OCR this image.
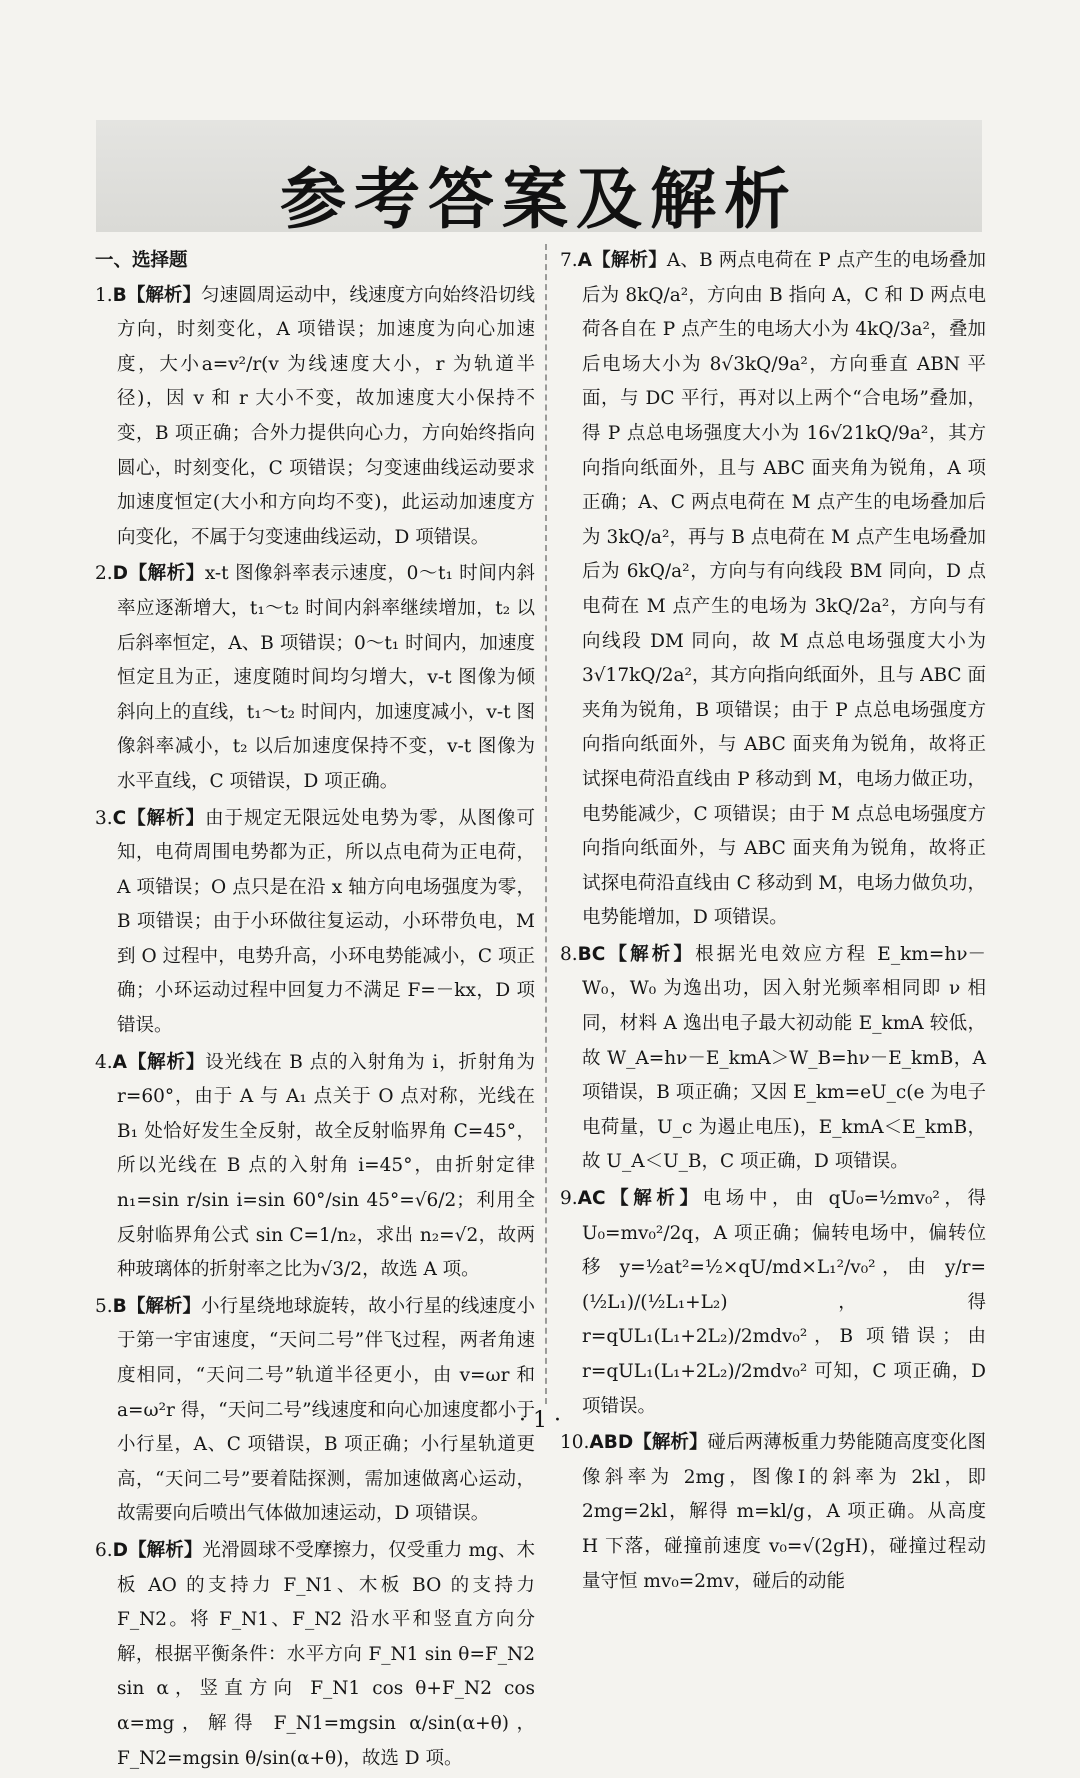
参考答案及解析
一、选择题
1.B【解析】匀速圆周运动中，线速度方向始终沿切线方向，时刻变化，A 项错误；加速度为向心加速度，大小a=v²/r(v 为线速度大小，r 为轨道半径)，因 v 和 r 大小不变，故加速度大小保持不变，B 项正确；合外力提供向心力，方向始终指向圆心，时刻变化，C 项错误；匀变速曲线运动要求加速度恒定(大小和方向均不变)，此运动加速度方向变化，不属于匀变速曲线运动，D 项错误。
2.D【解析】x-t 图像斜率表示速度，0～t₁ 时间内斜率应逐渐增大，t₁～t₂ 时间内斜率继续增加，t₂ 以后斜率恒定，A、B 项错误；0～t₁ 时间内，加速度恒定且为正，速度随时间均匀增大，v-t 图像为倾斜向上的直线，t₁～t₂ 时间内，加速度减小，v-t 图像斜率减小，t₂ 以后加速度保持不变，v-t 图像为水平直线，C 项错误，D 项正确。
3.C【解析】由于规定无限远处电势为零，从图像可知，电荷周围电势都为正，所以点电荷为正电荷，A 项错误；O 点只是在沿 x 轴方向电场强度为零，B 项错误；由于小环做往复运动，小环带负电，M 到 O 过程中，电势升高，小环电势能减小，C 项正确；小环运动过程中回复力不满足 F=－kx，D 项错误。
4.A【解析】设光线在 B 点的入射角为 i，折射角为 r=60°，由于 A 与 A₁ 点关于 O 点对称，光线在 B₁ 处恰好发生全反射，故全反射临界角 C=45°，所以光线在 B 点的入射角 i=45°，由折射定律 n₁=sin r/sin i=sin 60°/sin 45°=√6/2；利用全反射临界角公式 sin C=1/n₂，求出 n₂=√2，故两种玻璃体的折射率之比为√3/2，故选 A 项。
5.B【解析】小行星绕地球旋转，故小行星的线速度小于第一宇宙速度，“天问二号”伴飞过程，两者角速度相同，“天问二号”轨道半径更小，由 v=ωr 和 a=ω²r 得，“天问二号”线速度和向心加速度都小于小行星，A、C 项错误，B 项正确；小行星轨道更高，“天问二号”要着陆探测，需加速做离心运动，故需要向后喷出气体做加速运动，D 项错误。
6.D【解析】光滑圆球不受摩擦力，仅受重力 mg、木板 AO 的支持力 F_N1、木板 BO 的支持力 F_N2。将 F_N1、F_N2 沿水平和竖直方向分解，根据平衡条件：水平方向 F_N1 sin θ=F_N2 sin α，竖直方向 F_N1 cos θ+F_N2 cos α=mg，解得 F_N1=mgsin α/sin(α+θ)，F_N2=mgsin θ/sin(α+θ)，故选 D 项。
7.A【解析】A、B 两点电荷在 P 点产生的电场叠加后为 8kQ/a²，方向由 B 指向 A，C 和 D 两点电荷各自在 P 点产生的电场大小为 4kQ/3a²，叠加后电场大小为 8√3kQ/9a²，方向垂直 ABN 平面，与 DC 平行，再对以上两个“合电场”叠加，得 P 点总电场强度大小为 16√21kQ/9a²，其方向指向纸面外，且与 ABC 面夹角为锐角，A 项正确；A、C 两点电荷在 M 点产生的电场叠加后为 3kQ/a²，再与 B 点电荷在 M 点产生电场叠加后为 6kQ/a²，方向与有向线段 BM 同向，D 点电荷在 M 点产生的电场为 3kQ/2a²，方向与有向线段 DM 同向，故 M 点总电场强度大小为 3√17kQ/2a²，其方向指向纸面外，且与 ABC 面夹角为锐角，B 项错误；由于 P 点总电场强度方向指向纸面外，与 ABC 面夹角为锐角，故将正试探电荷沿直线由 P 移动到 M，电场力做正功，电势能减少，C 项错误；由于 M 点总电场强度方向指向纸面外，与 ABC 面夹角为锐角，故将正试探电荷沿直线由 C 移动到 M，电场力做负功，电势能增加，D 项错误。
8.BC【解析】根据光电效应方程 E_km=hν－W₀，W₀ 为逸出功，因入射光频率相同即 ν 相同，材料 A 逸出电子最大初动能 E_kmA 较低，故 W_A=hν－E_kmA＞W_B=hν－E_kmB，A 项错误，B 项正确；又因 E_km=eU_c(e 为电子电荷量，U_c 为遏止电压)，E_kmA＜E_kmB，故 U_A＜U_B，C 项正确，D 项错误。
9.AC【解析】电场中，由 qU₀=½mv₀²，得 U₀=mv₀²/2q，A 项正确；偏转电场中，偏转位移 y=½at²=½×qU/md×L₁²/v₀²，由 y/r=(½L₁)/(½L₁+L₂)，得 r=qUL₁(L₁+2L₂)/2mdv₀²，B 项错误；由 r=qUL₁(L₁+2L₂)/2mdv₀² 可知，C 项正确，D 项错误。
10.ABD【解析】碰后两薄板重力势能随高度变化图像斜率为 2mg，图像Ⅰ的斜率为 2kl，即 2mg=2kl，解得 m=kl/g，A 项正确。从高度 H 下落，碰撞前速度 v₀=√(2gH)，碰撞过程动量守恒 mv₀=2mv，碰后的动能
· 1 ·
